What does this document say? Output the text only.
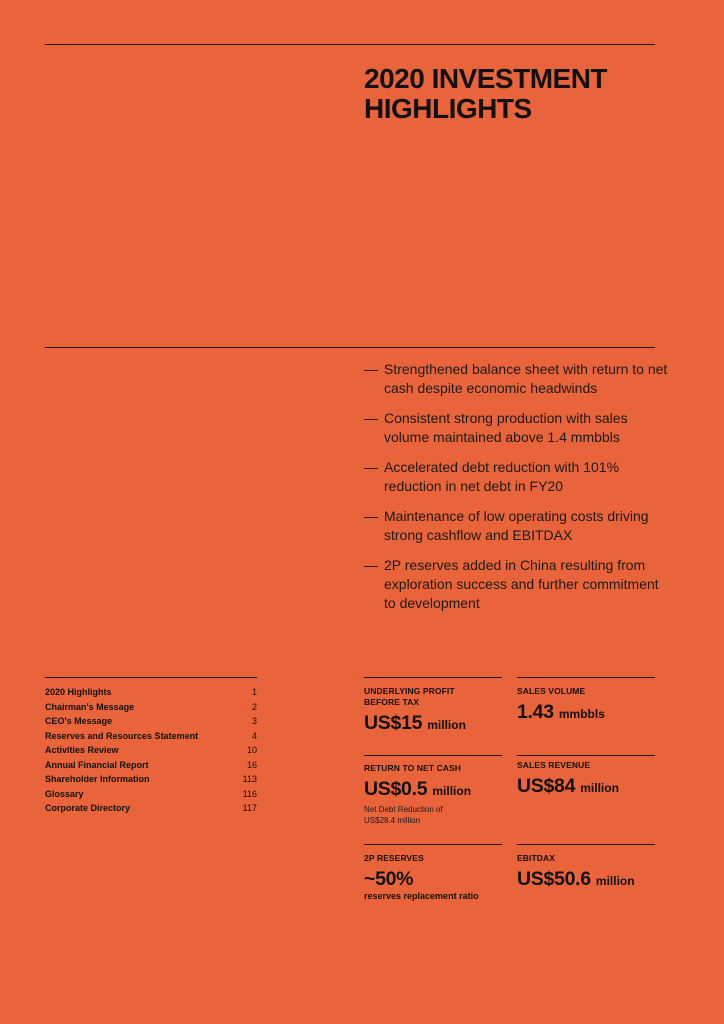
2020 INVESTMENT
HIGHLIGHTS
— Strengthened balance sheet with return to net cash despite economic headwinds
— Consistent strong production with sales volume maintained above 1.4 mmbbls
— Accelerated debt reduction with 101% reduction in net debt in FY20
— Maintenance of low operating costs driving strong cashflow and EBITDAX
— 2P reserves added in China resulting from exploration success and further commitment to development
2020 Highlights	1
Chairman's Message	2
CEO's Message	3
Reserves and Resources Statement	4
Activities Review	10
Annual Financial Report	16
Shareholder Information	113
Glossary	116
Corporate Directory	117
UNDERLYING PROFIT
BEFORE TAX
US$15 million
SALES VOLUME
1.43 mmbbls
RETURN TO NET CASH
US$0.5 million
Net Debt Reduction of
US$28.4 million
SALES REVENUE
US$84 million
2P RESERVES
~50%
reserves replacement ratio
EBITDAX
US$50.6 million
